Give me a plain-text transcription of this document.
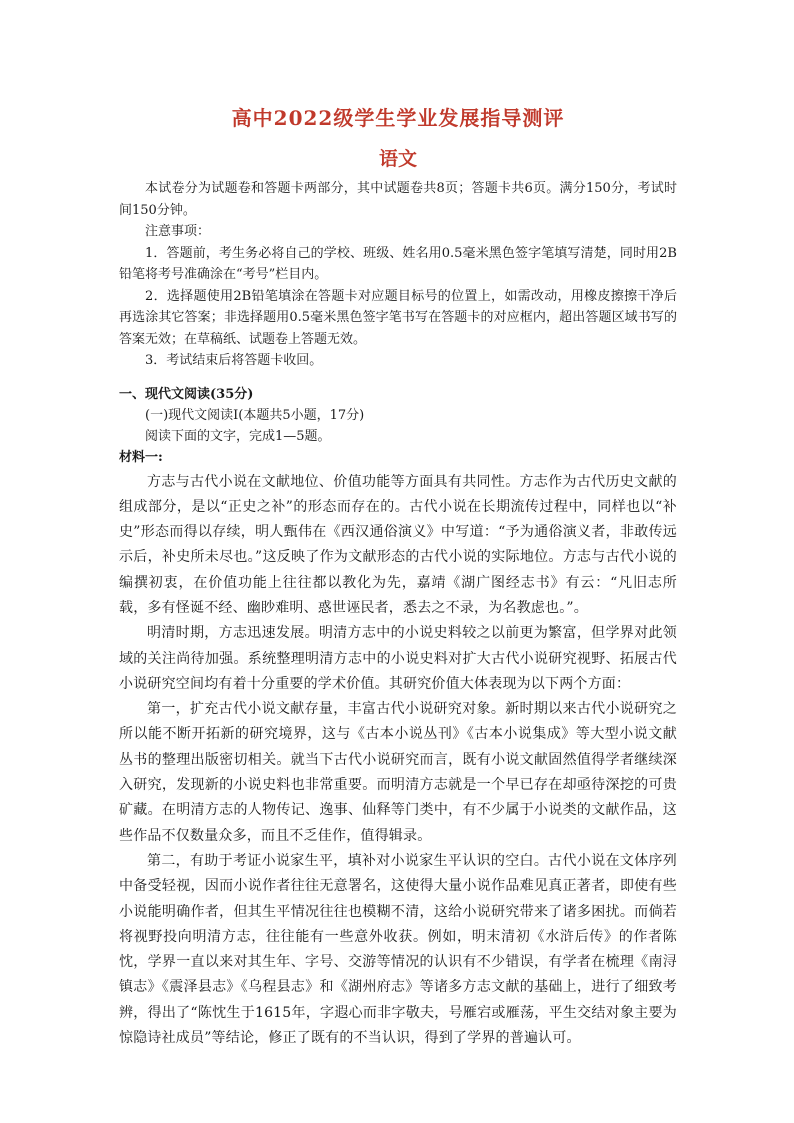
高中2022级学生学业发展指导测评
语文

本试卷分为试题卷和答题卡两部分，其中试题卷共8页；答题卡共6页。满分150分，考试时间150分钟。

注意事项：

1．答题前，考生务必将自己的学校、班级、姓名用0.5毫米黑色签字笔填写清楚，同时用2B铅笔将考号准确涂在“考号”栏目内。

2．选择题使用2B铅笔填涂在答题卡对应题目标号的位置上，如需改动，用橡皮擦擦干净后再选涂其它答案；非选择题用0.5毫米黑色签字笔书写在答题卡的对应框内，超出答题区域书写的答案无效；在草稿纸、试题卷上答题无效。

3．考试结束后将答题卡收回。

一、现代文阅读(35分)
(一)现代文阅读Ⅰ(本题共5小题，17分)
阅读下面的文字，完成1—5题。
材料一:

方志与古代小说在文献地位、价值功能等方面具有共同性。方志作为古代历史文献的组成部分，是以“正史之补”的形态而存在的。古代小说在长期流传过程中，同样也以“补史”形态而得以存续，明人甄伟在《西汉通俗演义》中写道：“予为通俗演义者，非敢传远示后，补史所未尽也。”这反映了作为文献形态的古代小说的实际地位。方志与古代小说的编撰初衷，在价值功能上往往都以教化为先，嘉靖《湖广图经志书》有云：“凡旧志所载，多有怪诞不经、幽眇难明、惑世诬民者，悉去之不录，为名教虑也。”。

明清时期，方志迅速发展。明清方志中的小说史料较之以前更为繁富，但学界对此领域的关注尚待加强。系统整理明清方志中的小说史料对扩大古代小说研究视野、拓展古代小说研究空间均有着十分重要的学术价值。其研究价值大体表现为以下两个方面：

第一，扩充古代小说文献存量，丰富古代小说研究对象。新时期以来古代小说研究之所以能不断开拓新的研究境界，这与《古本小说丛刊》《古本小说集成》等大型小说文献丛书的整理出版密切相关。就当下古代小说研究而言，既有小说文献固然值得学者继续深入研究，发现新的小说史料也非常重要。而明清方志就是一个早已存在却亟待深挖的可贵矿藏。在明清方志的人物传记、逸事、仙释等门类中，有不少属于小说类的文献作品，这些作品不仅数量众多，而且不乏佳作，值得辑录。

第二，有助于考证小说家生平，填补对小说家生平认识的空白。古代小说在文体序列中备受轻视，因而小说作者往往无意署名，这使得大量小说作品难见真正著者，即使有些小说能明确作者，但其生平情况往往也模糊不清，这给小说研究带来了诸多困扰。而倘若将视野投向明清方志，往往能有一些意外收获。例如，明末清初《水浒后传》的作者陈忱，学界一直以来对其生年、字号、交游等情况的认识有不少错误，有学者在梳理《南浔镇志》《震泽县志》《乌程县志》和《湖州府志》等诸多方志文献的基础上，进行了细致考辨，得出了“陈忱生于1615年，字遐心而非字敬夫，号雁宕或雁荡，平生交结对象主要为惊隐诗社成员”等结论，修正了既有的不当认识，得到了学界的普遍认可。
